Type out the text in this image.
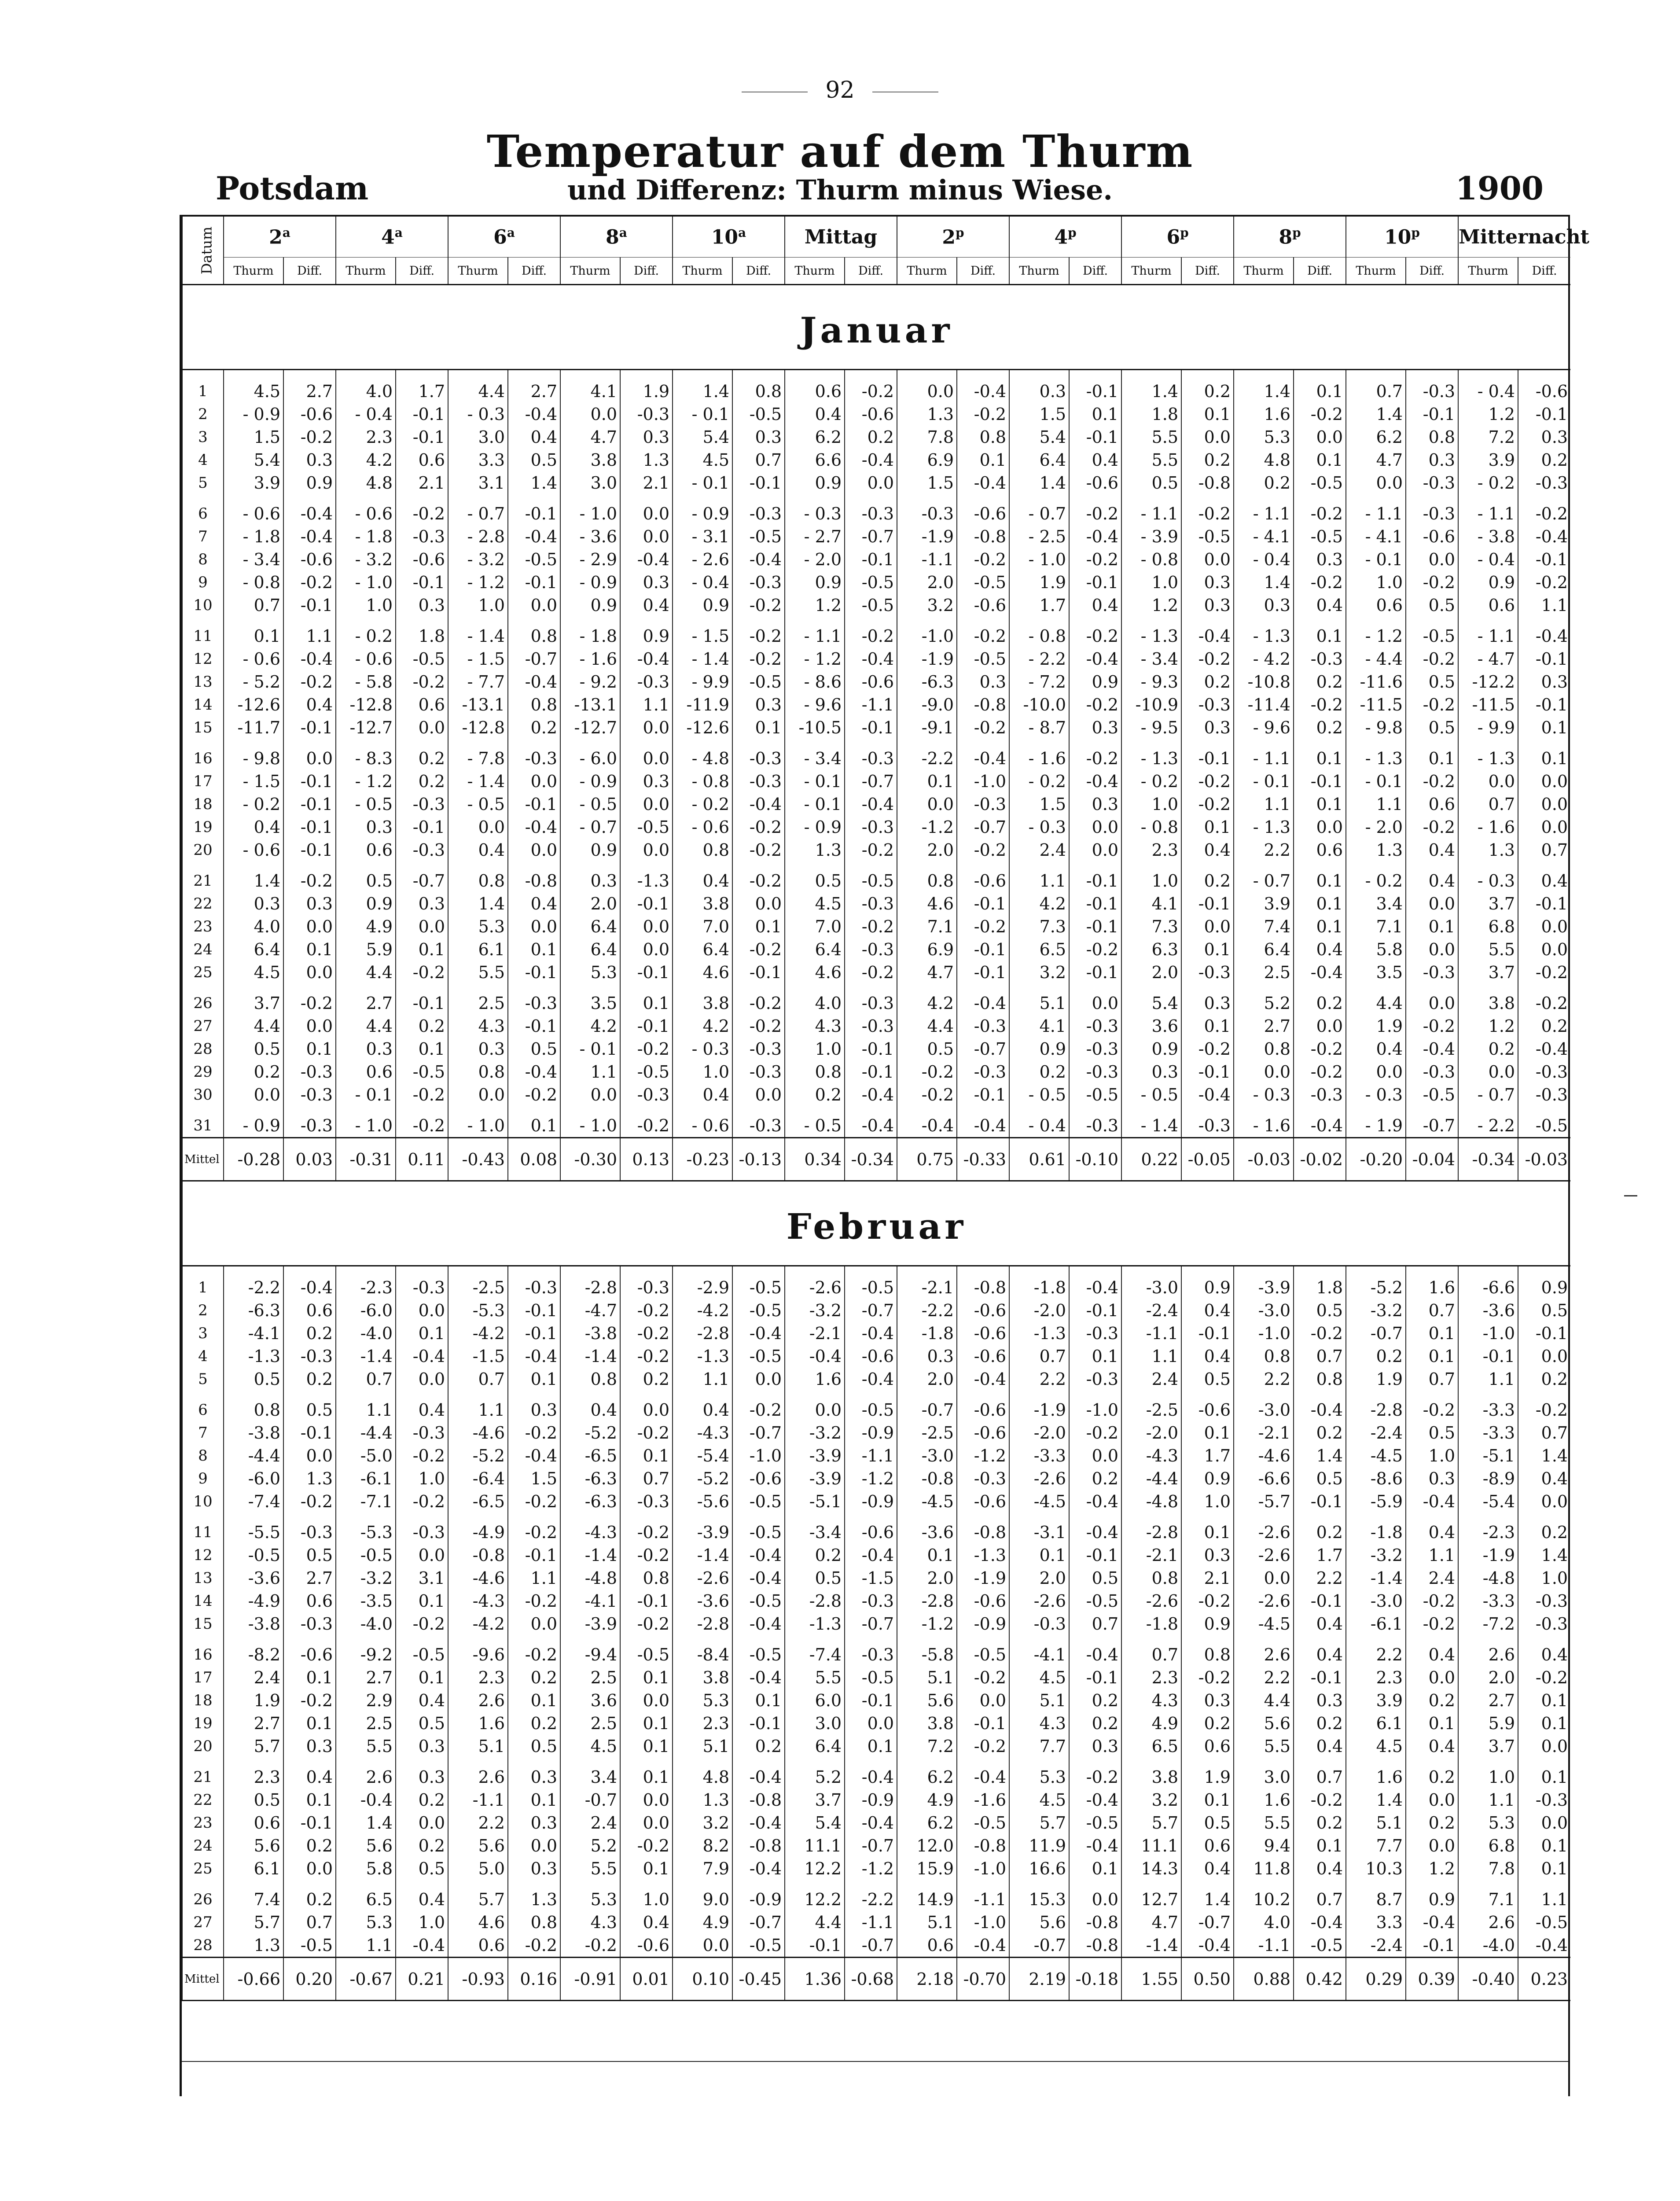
92
Temperatur auf dem Thurm
Potsdam	und Differenz: Thurm minus Wiese.	1900
Datum	2$^a$		4$^a$		6$^a$		8$^a$		10$^a$		Mittag		2$^p$		4$^p$		6$^p$		8$^p$		10$^p$		Mitternacht	
	Thurm	Diff.	Thurm	Diff.	Thurm	Diff.	Thurm	Diff.	Thurm	Diff.	Thurm	Diff.	Thurm	Diff.	Thurm	Diff.	Thurm	Diff.	Thurm	Diff.	Thurm	Diff.	Thurm	Diff.

Januar																								

1	4.5	2.7	4.0	1.7	4.4	2.7	4.1	1.9	1.4	0.8	0.6	-0.2	0.0	-0.4	0.3	-0.1	1.4	0.2	1.4	0.1	0.7	-0.3	- 0.4	-0.6
2	- 0.9	-0.6	- 0.4	-0.1	- 0.3	-0.4	0.0	-0.3	- 0.1	-0.5	0.4	-0.6	1.3	-0.2	1.5	0.1	1.8	0.1	1.6	-0.2	1.4	-0.1	1.2	-0.1
3	1.5	-0.2	2.3	-0.1	3.0	0.4	4.7	0.3	5.4	0.3	6.2	0.2	7.8	0.8	5.4	-0.1	5.5	0.0	5.3	0.0	6.2	0.8	7.2	0.3
4	5.4	0.3	4.2	0.6	3.3	0.5	3.8	1.3	4.5	0.7	6.6	-0.4	6.9	0.1	6.4	0.4	5.5	0.2	4.8	0.1	4.7	0.3	3.9	0.2
5	3.9	0.9	4.8	2.1	3.1	1.4	3.0	2.1	- 0.1	-0.1	0.9	0.0	1.5	-0.4	1.4	-0.6	0.5	-0.8	0.2	-0.5	0.0	-0.3	- 0.2	-0.3
6	- 0.6	-0.4	- 0.6	-0.2	- 0.7	-0.1	- 1.0	0.0	- 0.9	-0.3	- 0.3	-0.3	-0.3	-0.6	- 0.7	-0.2	- 1.1	-0.2	- 1.1	-0.2	- 1.1	-0.3	- 1.1	-0.2
7	- 1.8	-0.4	- 1.8	-0.3	- 2.8	-0.4	- 3.6	0.0	- 3.1	-0.5	- 2.7	-0.7	-1.9	-0.8	- 2.5	-0.4	- 3.9	-0.5	- 4.1	-0.5	- 4.1	-0.6	- 3.8	-0.4
8	- 3.4	-0.6	- 3.2	-0.6	- 3.2	-0.5	- 2.9	-0.4	- 2.6	-0.4	- 2.0	-0.1	-1.1	-0.2	- 1.0	-0.2	- 0.8	0.0	- 0.4	0.3	- 0.1	0.0	- 0.4	-0.1
9	- 0.8	-0.2	- 1.0	-0.1	- 1.2	-0.1	- 0.9	0.3	- 0.4	-0.3	0.9	-0.5	2.0	-0.5	1.9	-0.1	1.0	0.3	1.4	-0.2	1.0	-0.2	0.9	-0.2
10	0.7	-0.1	1.0	0.3	1.0	0.0	0.9	0.4	0.9	-0.2	1.2	-0.5	3.2	-0.6	1.7	0.4	1.2	0.3	0.3	0.4	0.6	0.5	0.6	1.1
11	0.1	1.1	- 0.2	1.8	- 1.4	0.8	- 1.8	0.9	- 1.5	-0.2	- 1.1	-0.2	-1.0	-0.2	- 0.8	-0.2	- 1.3	-0.4	- 1.3	0.1	- 1.2	-0.5	- 1.1	-0.4
12	- 0.6	-0.4	- 0.6	-0.5	- 1.5	-0.7	- 1.6	-0.4	- 1.4	-0.2	- 1.2	-0.4	-1.9	-0.5	- 2.2	-0.4	- 3.4	-0.2	- 4.2	-0.3	- 4.4	-0.2	- 4.7	-0.1
13	- 5.2	-0.2	- 5.8	-0.2	- 7.7	-0.4	- 9.2	-0.3	- 9.9	-0.5	- 8.6	-0.6	-6.3	0.3	- 7.2	0.9	- 9.3	0.2	-10.8	0.2	-11.6	0.5	-12.2	0.3
14	-12.6	0.4	-12.8	0.6	-13.1	0.8	-13.1	1.1	-11.9	0.3	- 9.6	-1.1	-9.0	-0.8	-10.0	-0.2	-10.9	-0.3	-11.4	-0.2	-11.5	-0.2	-11.5	-0.1
15	-11.7	-0.1	-12.7	0.0	-12.8	0.2	-12.7	0.0	-12.6	0.1	-10.5	-0.1	-9.1	-0.2	- 8.7	0.3	- 9.5	0.3	- 9.6	0.2	- 9.8	0.5	- 9.9	0.1
16	- 9.8	0.0	- 8.3	0.2	- 7.8	-0.3	- 6.0	0.0	- 4.8	-0.3	- 3.4	-0.3	-2.2	-0.4	- 1.6	-0.2	- 1.3	-0.1	- 1.1	0.1	- 1.3	0.1	- 1.3	0.1
17	- 1.5	-0.1	- 1.2	0.2	- 1.4	0.0	- 0.9	0.3	- 0.8	-0.3	- 0.1	-0.7	0.1	-1.0	- 0.2	-0.4	- 0.2	-0.2	- 0.1	-0.1	- 0.1	-0.2	0.0	0.0
18	- 0.2	-0.1	- 0.5	-0.3	- 0.5	-0.1	- 0.5	0.0	- 0.2	-0.4	- 0.1	-0.4	0.0	-0.3	1.5	0.3	1.0	-0.2	1.1	0.1	1.1	0.6	0.7	0.0
19	0.4	-0.1	0.3	-0.1	0.0	-0.4	- 0.7	-0.5	- 0.6	-0.2	- 0.9	-0.3	-1.2	-0.7	- 0.3	0.0	- 0.8	0.1	- 1.3	0.0	- 2.0	-0.2	- 1.6	0.0
20	- 0.6	-0.1	0.6	-0.3	0.4	0.0	0.9	0.0	0.8	-0.2	1.3	-0.2	2.0	-0.2	2.4	0.0	2.3	0.4	2.2	0.6	1.3	0.4	1.3	0.7
21	1.4	-0.2	0.5	-0.7	0.8	-0.8	0.3	-1.3	0.4	-0.2	0.5	-0.5	0.8	-0.6	1.1	-0.1	1.0	0.2	- 0.7	0.1	- 0.2	0.4	- 0.3	0.4
22	0.3	0.3	0.9	0.3	1.4	0.4	2.0	-0.1	3.8	0.0	4.5	-0.3	4.6	-0.1	4.2	-0.1	4.1	-0.1	3.9	0.1	3.4	0.0	3.7	-0.1
23	4.0	0.0	4.9	0.0	5.3	0.0	6.4	0.0	7.0	0.1	7.0	-0.2	7.1	-0.2	7.3	-0.1	7.3	0.0	7.4	0.1	7.1	0.1	6.8	0.0
24	6.4	0.1	5.9	0.1	6.1	0.1	6.4	0.0	6.4	-0.2	6.4	-0.3	6.9	-0.1	6.5	-0.2	6.3	0.1	6.4	0.4	5.8	0.0	5.5	0.0
25	4.5	0.0	4.4	-0.2	5.5	-0.1	5.3	-0.1	4.6	-0.1	4.6	-0.2	4.7	-0.1	3.2	-0.1	2.0	-0.3	2.5	-0.4	3.5	-0.3	3.7	-0.2
26	3.7	-0.2	2.7	-0.1	2.5	-0.3	3.5	0.1	3.8	-0.2	4.0	-0.3	4.2	-0.4	5.1	0.0	5.4	0.3	5.2	0.2	4.4	0.0	3.8	-0.2
27	4.4	0.0	4.4	0.2	4.3	-0.1	4.2	-0.1	4.2	-0.2	4.3	-0.3	4.4	-0.3	4.1	-0.3	3.6	0.1	2.7	0.0	1.9	-0.2	1.2	0.2
28	0.5	0.1	0.3	0.1	0.3	0.5	- 0.1	-0.2	- 0.3	-0.3	1.0	-0.1	0.5	-0.7	0.9	-0.3	0.9	-0.2	0.8	-0.2	0.4	-0.4	0.2	-0.4
29	0.2	-0.3	0.6	-0.5	0.8	-0.4	1.1	-0.5	1.0	-0.3	0.8	-0.1	-0.2	-0.3	0.2	-0.3	0.3	-0.1	0.0	-0.2	0.0	-0.3	0.0	-0.3
30	0.0	-0.3	- 0.1	-0.2	0.0	-0.2	0.0	-0.3	0.4	0.0	0.2	-0.4	-0.2	-0.1	- 0.5	-0.5	- 0.5	-0.4	- 0.3	-0.3	- 0.3	-0.5	- 0.7	-0.3
31	- 0.9	-0.3	- 1.0	-0.2	- 1.0	0.1	- 1.0	-0.2	- 0.6	-0.3	- 0.5	-0.4	-0.4	-0.4	- 0.4	-0.3	- 1.4	-0.3	- 1.6	-0.4	- 1.9	-0.7	- 2.2	-0.5
Mittel	-0.28	0.03	-0.31	0.11	-0.43	0.08	-0.30	0.13	-0.23	-0.13	0.34	-0.34	0.75	-0.33	0.61	-0.10	0.22	-0.05	-0.03	-0.02	-0.20	-0.04	-0.34	-0.03

Februar																								

1	-2.2	-0.4	-2.3	-0.3	-2.5	-0.3	-2.8	-0.3	-2.9	-0.5	-2.6	-0.5	-2.1	-0.8	-1.8	-0.4	-3.0	0.9	-3.9	1.8	-5.2	1.6	-6.6	0.9
2	-6.3	0.6	-6.0	0.0	-5.3	-0.1	-4.7	-0.2	-4.2	-0.5	-3.2	-0.7	-2.2	-0.6	-2.0	-0.1	-2.4	0.4	-3.0	0.5	-3.2	0.7	-3.6	0.5
3	-4.1	0.2	-4.0	0.1	-4.2	-0.1	-3.8	-0.2	-2.8	-0.4	-2.1	-0.4	-1.8	-0.6	-1.3	-0.3	-1.1	-0.1	-1.0	-0.2	-0.7	0.1	-1.0	-0.1
4	-1.3	-0.3	-1.4	-0.4	-1.5	-0.4	-1.4	-0.2	-1.3	-0.5	-0.4	-0.6	0.3	-0.6	0.7	0.1	1.1	0.4	0.8	0.7	0.2	0.1	-0.1	0.0
5	0.5	0.2	0.7	0.0	0.7	0.1	0.8	0.2	1.1	0.0	1.6	-0.4	2.0	-0.4	2.2	-0.3	2.4	0.5	2.2	0.8	1.9	0.7	1.1	0.2
6	0.8	0.5	1.1	0.4	1.1	0.3	0.4	0.0	0.4	-0.2	0.0	-0.5	-0.7	-0.6	-1.9	-1.0	-2.5	-0.6	-3.0	-0.4	-2.8	-0.2	-3.3	-0.2
7	-3.8	-0.1	-4.4	-0.3	-4.6	-0.2	-5.2	-0.2	-4.3	-0.7	-3.2	-0.9	-2.5	-0.6	-2.0	-0.2	-2.0	0.1	-2.1	0.2	-2.4	0.5	-3.3	0.7
8	-4.4	0.0	-5.0	-0.2	-5.2	-0.4	-6.5	0.1	-5.4	-1.0	-3.9	-1.1	-3.0	-1.2	-3.3	0.0	-4.3	1.7	-4.6	1.4	-4.5	1.0	-5.1	1.4
9	-6.0	1.3	-6.1	1.0	-6.4	1.5	-6.3	0.7	-5.2	-0.6	-3.9	-1.2	-0.8	-0.3	-2.6	0.2	-4.4	0.9	-6.6	0.5	-8.6	0.3	-8.9	0.4
10	-7.4	-0.2	-7.1	-0.2	-6.5	-0.2	-6.3	-0.3	-5.6	-0.5	-5.1	-0.9	-4.5	-0.6	-4.5	-0.4	-4.8	1.0	-5.7	-0.1	-5.9	-0.4	-5.4	0.0
11	-5.5	-0.3	-5.3	-0.3	-4.9	-0.2	-4.3	-0.2	-3.9	-0.5	-3.4	-0.6	-3.6	-0.8	-3.1	-0.4	-2.8	0.1	-2.6	0.2	-1.8	0.4	-2.3	0.2
12	-0.5	0.5	-0.5	0.0	-0.8	-0.1	-1.4	-0.2	-1.4	-0.4	0.2	-0.4	0.1	-1.3	0.1	-0.1	-2.1	0.3	-2.6	1.7	-3.2	1.1	-1.9	1.4
13	-3.6	2.7	-3.2	3.1	-4.6	1.1	-4.8	0.8	-2.6	-0.4	0.5	-1.5	2.0	-1.9	2.0	0.5	0.8	2.1	0.0	2.2	-1.4	2.4	-4.8	1.0
14	-4.9	0.6	-3.5	0.1	-4.3	-0.2	-4.1	-0.1	-3.6	-0.5	-2.8	-0.3	-2.8	-0.6	-2.6	-0.5	-2.6	-0.2	-2.6	-0.1	-3.0	-0.2	-3.3	-0.3
15	-3.8	-0.3	-4.0	-0.2	-4.2	0.0	-3.9	-0.2	-2.8	-0.4	-1.3	-0.7	-1.2	-0.9	-0.3	0.7	-1.8	0.9	-4.5	0.4	-6.1	-0.2	-7.2	-0.3
16	-8.2	-0.6	-9.2	-0.5	-9.6	-0.2	-9.4	-0.5	-8.4	-0.5	-7.4	-0.3	-5.8	-0.5	-4.1	-0.4	0.7	0.8	2.6	0.4	2.2	0.4	2.6	0.4
17	2.4	0.1	2.7	0.1	2.3	0.2	2.5	0.1	3.8	-0.4	5.5	-0.5	5.1	-0.2	4.5	-0.1	2.3	-0.2	2.2	-0.1	2.3	0.0	2.0	-0.2
18	1.9	-0.2	2.9	0.4	2.6	0.1	3.6	0.0	5.3	0.1	6.0	-0.1	5.6	0.0	5.1	0.2	4.3	0.3	4.4	0.3	3.9	0.2	2.7	0.1
19	2.7	0.1	2.5	0.5	1.6	0.2	2.5	0.1	2.3	-0.1	3.0	0.0	3.8	-0.1	4.3	0.2	4.9	0.2	5.6	0.2	6.1	0.1	5.9	0.1
20	5.7	0.3	5.5	0.3	5.1	0.5	4.5	0.1	5.1	0.2	6.4	0.1	7.2	-0.2	7.7	0.3	6.5	0.6	5.5	0.4	4.5	0.4	3.7	0.0
21	2.3	0.4	2.6	0.3	2.6	0.3	3.4	0.1	4.8	-0.4	5.2	-0.4	6.2	-0.4	5.3	-0.2	3.8	1.9	3.0	0.7	1.6	0.2	1.0	0.1
22	0.5	0.1	-0.4	0.2	-1.1	0.1	-0.7	0.0	1.3	-0.8	3.7	-0.9	4.9	-1.6	4.5	-0.4	3.2	0.1	1.6	-0.2	1.4	0.0	1.1	-0.3
23	0.6	-0.1	1.4	0.0	2.2	0.3	2.4	0.0	3.2	-0.4	5.4	-0.4	6.2	-0.5	5.7	-0.5	5.7	0.5	5.5	0.2	5.1	0.2	5.3	0.0
24	5.6	0.2	5.6	0.2	5.6	0.0	5.2	-0.2	8.2	-0.8	11.1	-0.7	12.0	-0.8	11.9	-0.4	11.1	0.6	9.4	0.1	7.7	0.0	6.8	0.1
25	6.1	0.0	5.8	0.5	5.0	0.3	5.5	0.1	7.9	-0.4	12.2	-1.2	15.9	-1.0	16.6	0.1	14.3	0.4	11.8	0.4	10.3	1.2	7.8	0.1
26	7.4	0.2	6.5	0.4	5.7	1.3	5.3	1.0	9.0	-0.9	12.2	-2.2	14.9	-1.1	15.3	0.0	12.7	1.4	10.2	0.7	8.7	0.9	7.1	1.1
27	5.7	0.7	5.3	1.0	4.6	0.8	4.3	0.4	4.9	-0.7	4.4	-1.1	5.1	-1.0	5.6	-0.8	4.7	-0.7	4.0	-0.4	3.3	-0.4	2.6	-0.5
28	1.3	-0.5	1.1	-0.4	0.6	-0.2	-0.2	-0.6	0.0	-0.5	-0.1	-0.7	0.6	-0.4	-0.7	-0.8	-1.4	-0.4	-1.1	-0.5	-2.4	-0.1	-4.0	-0.4
Mittel	-0.66	0.20	-0.67	0.21	-0.93	0.16	-0.91	0.01	0.10	-0.45	1.36	-0.68	2.18	-0.70	2.19	-0.18	1.55	0.50	0.88	0.42	0.29	0.39	-0.40	0.23
